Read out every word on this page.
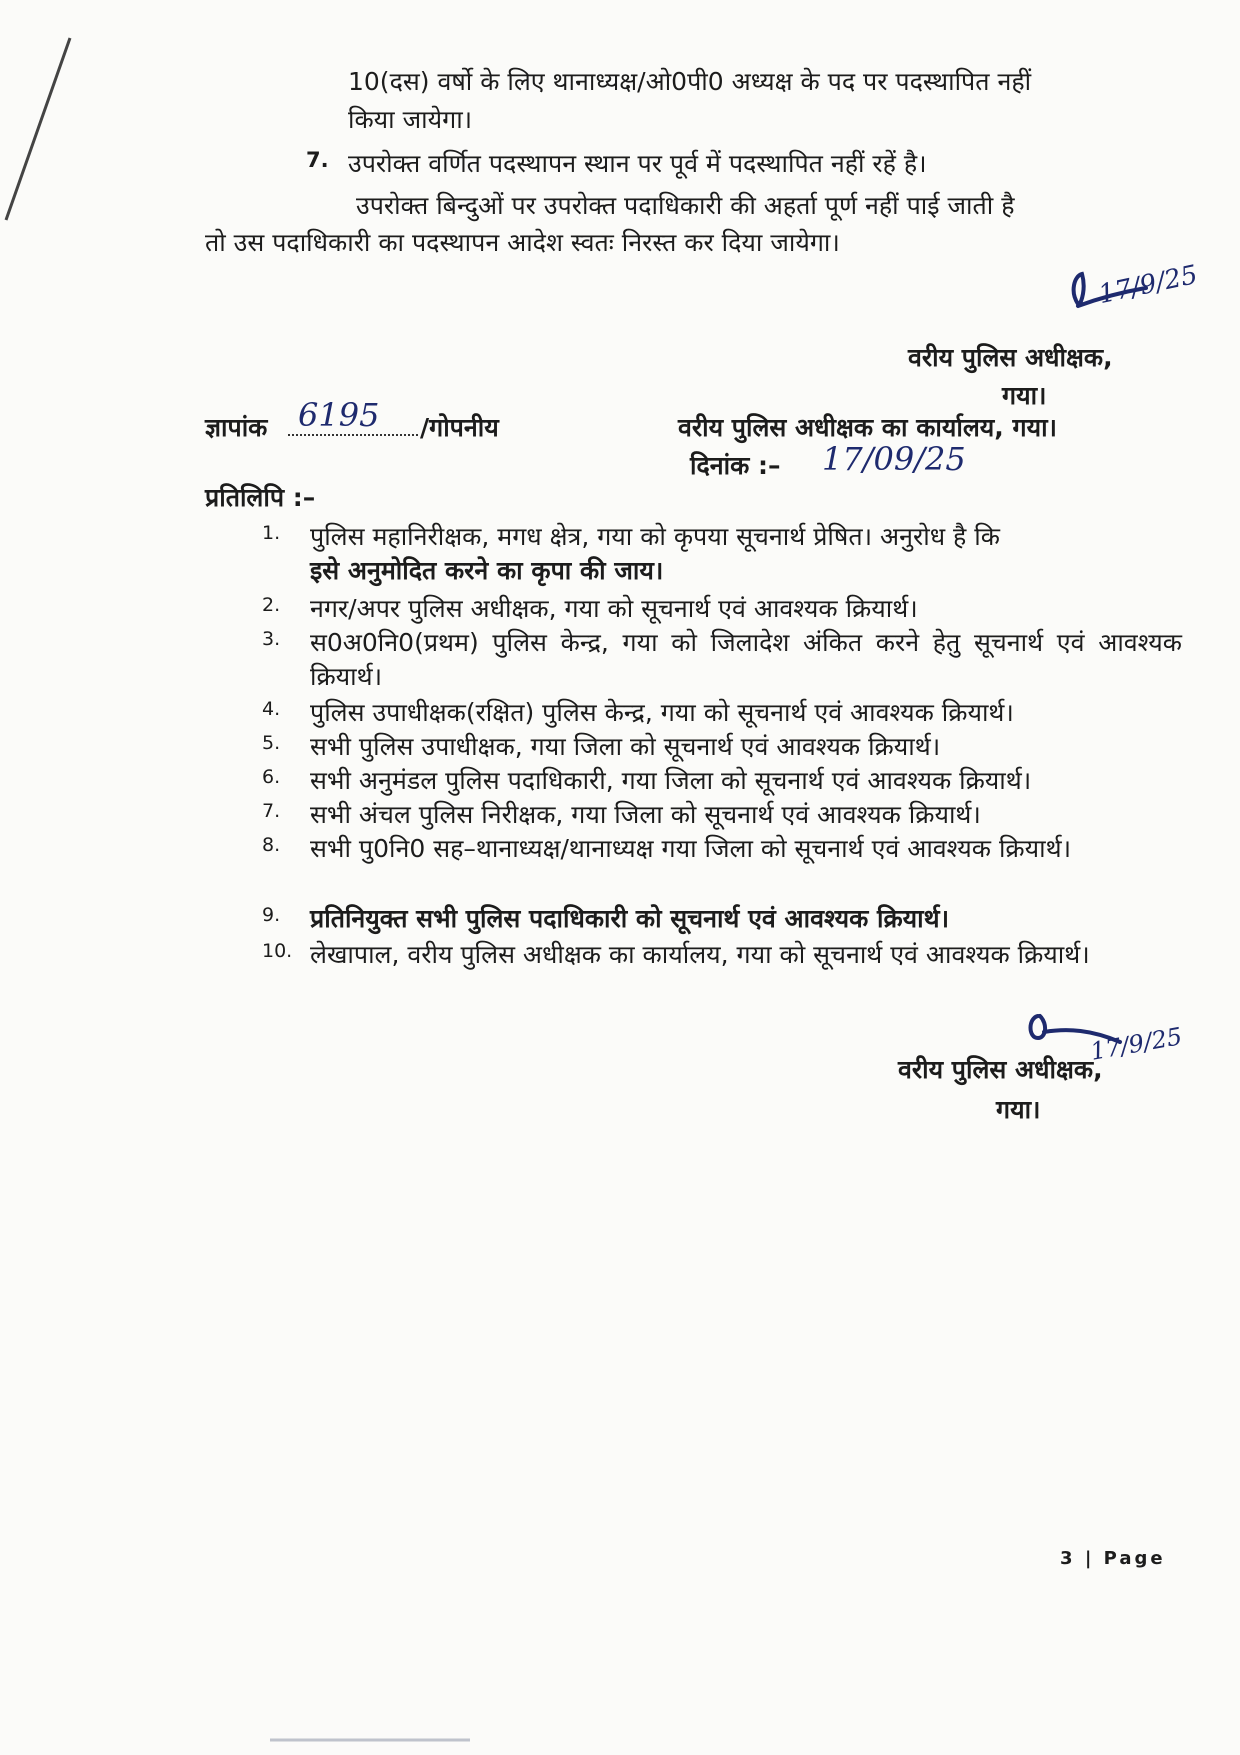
10(दस) वर्षो के लिए थानाध्यक्ष/ओ0पी0 अध्यक्ष के पद पर पदस्थापित नहीं
किया जायेगा।
7. उपरोक्त वर्णित पदस्थापन स्थान पर पूर्व में पदस्थापित नहीं रहें है।
उपरोक्त बिन्दुओं पर उपरोक्त पदाधिकारी की अहर्ता पूर्ण नहीं पाई जाती है
तो उस पदाधिकारी का पदस्थापन आदेश स्वतः निरस्त कर दिया जायेगा।
17/9/25
वरीय पुलिस अधीक्षक,
गया।
ज्ञापांक 6195 /गोपनीय	वरीय पुलिस अधीक्षक का कार्यालय, गया।
दिनांक :– 17/09/25
प्रतिलिपि :–
1.	पुलिस महानिरीक्षक, मगध क्षेत्र, गया को कृपया सूचनार्थ प्रेषित। अनुरोध है कि
इसे अनुमोदित करने का कृपा की जाय।
2.	नगर/अपर पुलिस अधीक्षक, गया को सूचनार्थ एवं आवश्यक क्रियार्थ।
3.	स0अ0नि0(प्रथम) पुलिस केन्द्र, गया को जिलादेश अंकित करने हेतु सूचनार्थ एवं आवश्यक क्रियार्थ।
4.	पुलिस उपाधीक्षक(रक्षित) पुलिस केन्द्र, गया को सूचनार्थ एवं आवश्यक क्रियार्थ।
5.	सभी पुलिस उपाधीक्षक, गया जिला को सूचनार्थ एवं आवश्यक क्रियार्थ।
6.	सभी अनुमंडल पुलिस पदाधिकारी, गया जिला को सूचनार्थ एवं आवश्यक क्रियार्थ।
7.	सभी अंचल पुलिस निरीक्षक, गया जिला को सूचनार्थ एवं आवश्यक क्रियार्थ।
8.	सभी पु0नि0 सह–थानाध्यक्ष/थानाध्यक्ष गया जिला को सूचनार्थ एवं आवश्यक क्रियार्थ।
9.	प्रतिनियुक्त सभी पुलिस पदाधिकारी को सूचनार्थ एवं आवश्यक क्रियार्थ।
10. लेखापाल, वरीय पुलिस अधीक्षक का कार्यालय, गया को सूचनार्थ एवं आवश्यक क्रियार्थ।
17/9/25
वरीय पुलिस अधीक्षक,
गया।
3 | Page
